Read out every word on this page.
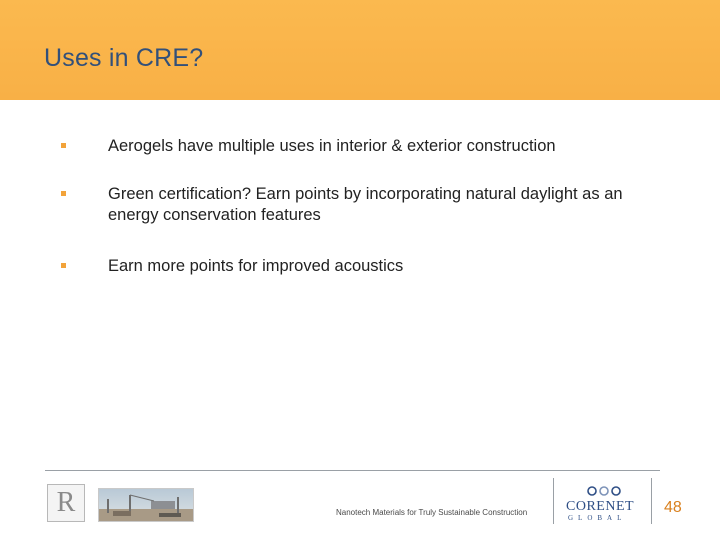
Uses in CRE?
Aerogels have multiple uses in interior & exterior construction
Green certification? Earn points by incorporating natural daylight as an energy conservation features
Earn more points for improved acoustics
R	Nanotech Materials for Truly Sustainable Construction	CORENET
GLOBAL
48
